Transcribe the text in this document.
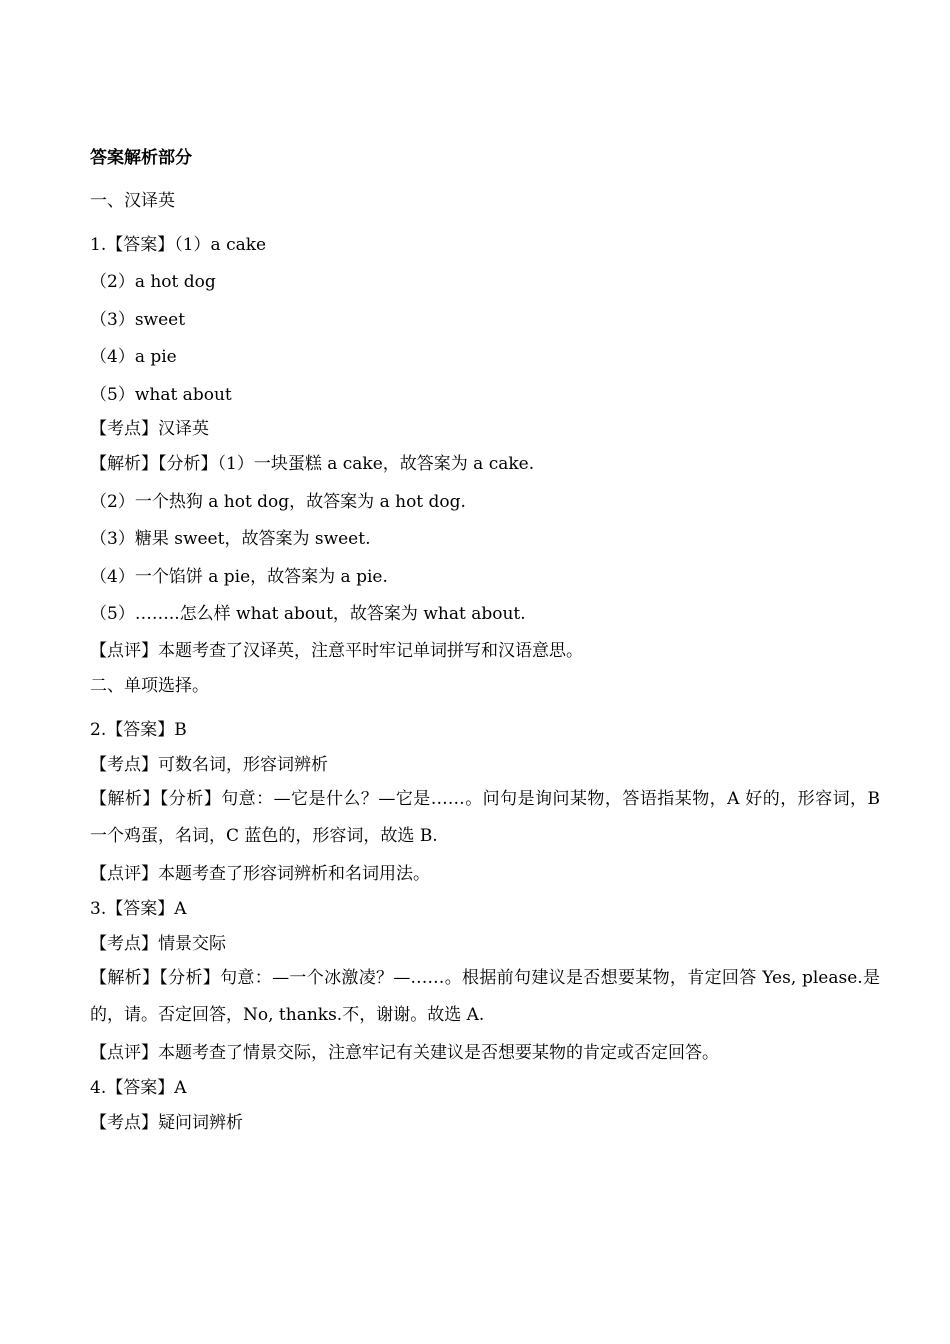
答案解析部分
一、汉译英
1.【答案】（1）a cake
（2）a hot dog
（3）sweet
（4）a pie
（5）what about
【考点】汉译英
【解析】【分析】（1）一块蛋糕 a cake，故答案为 a cake.
（2）一个热狗 a hot dog，故答案为 a hot dog.
（3）糖果 sweet，故答案为 sweet.
（4）一个馅饼 a pie，故答案为 a pie.
（5）……..怎么样 what about，故答案为 what about.
【点评】本题考查了汉译英，注意平时牢记单词拼写和汉语意思。
二、单项选择。
2.【答案】B
【考点】可数名词，形容词辨析
【解析】【分析】句意：—它是什么？—它是……。问句是询问某物，答语指某物，A 好的，形容词，B 一个鸡蛋，名词，C 蓝色的，形容词，故选 B.
【点评】本题考查了形容词辨析和名词用法。
3.【答案】A
【考点】情景交际
【解析】【分析】句意：—一个冰激凌？—……。根据前句建议是否想要某物，肯定回答 Yes, please.是的，请。否定回答，No, thanks.不，谢谢。故选 A.
【点评】本题考查了情景交际，注意牢记有关建议是否想要某物的肯定或否定回答。
4.【答案】A
【考点】疑问词辨析
